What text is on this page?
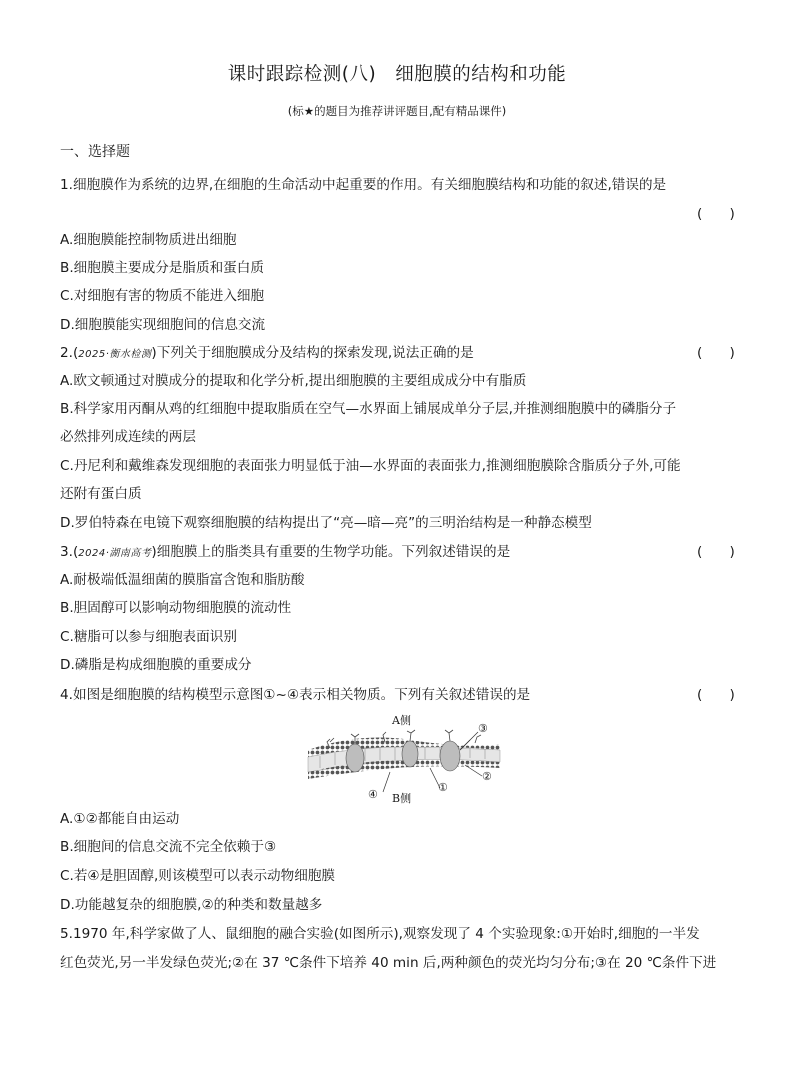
课时跟踪检测(八)　细胞膜的结构和功能
(标★的题目为推荐讲评题目,配有精品课件)
一、选择题
1.细胞膜作为系统的边界,在细胞的生命活动中起重要的作用。有关细胞膜结构和功能的叙述,错误的是
(　　)
A.细胞膜能控制物质进出细胞
B.细胞膜主要成分是脂质和蛋白质
C.对细胞有害的物质不能进入细胞
D.细胞膜能实现细胞间的信息交流
2.(2025·衡水检测)下列关于细胞膜成分及结构的探索发现,说法正确的是	(　　)
A.欧文顿通过对膜成分的提取和化学分析,提出细胞膜的主要组成成分中有脂质
B.科学家用丙酮从鸡的红细胞中提取脂质在空气—水界面上铺展成单分子层,并推测细胞膜中的磷脂分子
必然排列成连续的两层
C.丹尼利和戴维森发现细胞的表面张力明显低于油—水界面的表面张力,推测细胞膜除含脂质分子外,可能
还附有蛋白质
D.罗伯特森在电镜下观察细胞膜的结构提出了“亮—暗—亮”的三明治结构是一种静态模型
3.(2024·湖南高考)细胞膜上的脂类具有重要的生物学功能。下列叙述错误的是	(　　)
A.耐极端低温细菌的膜脂富含饱和脂肪酸
B.胆固醇可以影响动物细胞膜的流动性
C.糖脂可以参与细胞表面识别
D.磷脂是构成细胞膜的重要成分
4.如图是细胞膜的结构模型示意图①~④表示相关物质。下列有关叙述错误的是	(　　)
A侧
B侧
①
②
③
④
A.①②都能自由运动
B.细胞间的信息交流不完全依赖于③
C.若④是胆固醇,则该模型可以表示动物细胞膜
D.功能越复杂的细胞膜,②的种类和数量越多
5.1970 年,科学家做了人、鼠细胞的融合实验(如图所示),观察发现了 4 个实验现象:①开始时,细胞的一半发
红色荧光,另一半发绿色荧光;②在 37 ℃条件下培养 40 min 后,两种颜色的荧光均匀分布;③在 20 ℃条件下进
